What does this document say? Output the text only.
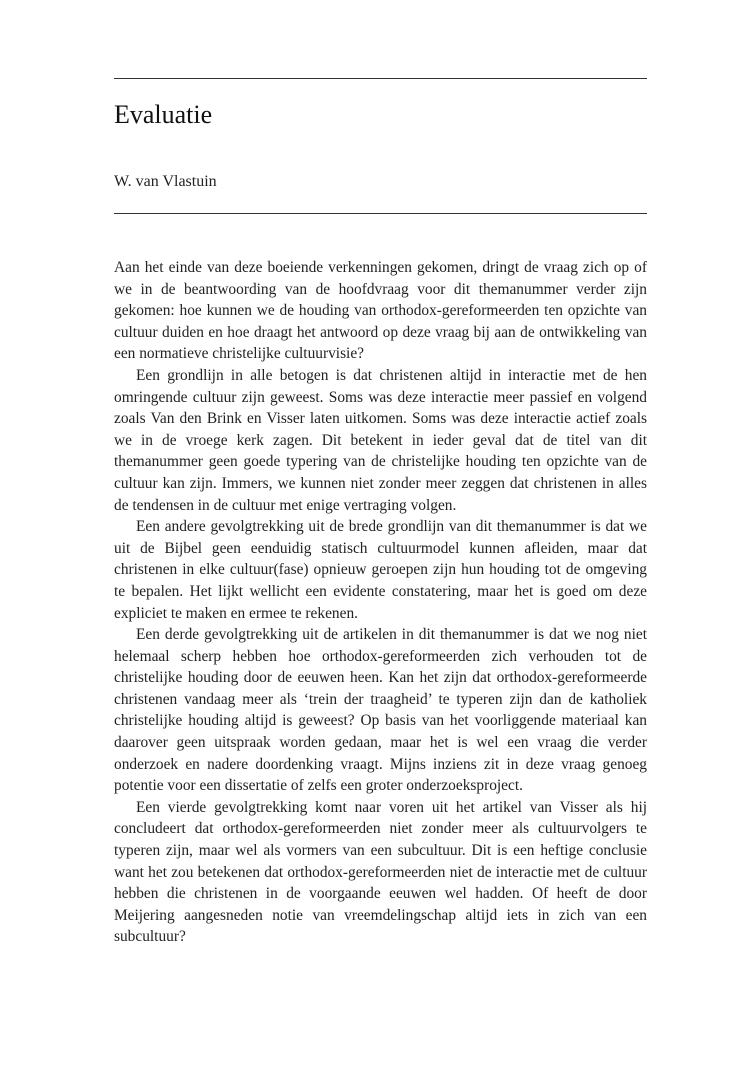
Evaluatie
W. van Vlastuin

Aan het einde van deze boeiende verkenningen gekomen, dringt de vraag zich op of we in de beantwoording van de hoofdvraag voor dit themanummer verder zijn gekomen: hoe kunnen we de houding van orthodox-gereformeerden ten opzichte van cultuur duiden en hoe draagt het antwoord op deze vraag bij aan de ontwikkeling van een normatieve christelijke cultuurvisie?

Een grondlijn in alle betogen is dat christenen altijd in interactie met de hen omringende cultuur zijn geweest. Soms was deze interactie meer passief en volgend zoals Van den Brink en Visser laten uitkomen. Soms was deze interactie actief zoals we in de vroege kerk zagen. Dit betekent in ieder geval dat de titel van dit themanummer geen goede typering van de christelijke houding ten opzichte van de cultuur kan zijn. Immers, we kunnen niet zonder meer zeggen dat christenen in alles de tendensen in de cultuur met enige vertraging volgen.

Een andere gevolgtrekking uit de brede grondlijn van dit themanummer is dat we uit de Bijbel geen eenduidig statisch cultuurmodel kunnen afleiden, maar dat christenen in elke cultuur(fase) opnieuw geroepen zijn hun houding tot de omgeving te bepalen. Het lijkt wellicht een evidente constatering, maar het is goed om deze expliciet te maken en ermee te rekenen.

Een derde gevolgtrekking uit de artikelen in dit themanummer is dat we nog niet helemaal scherp hebben hoe orthodox-gereformeerden zich verhouden tot de christelijke houding door de eeuwen heen. Kan het zijn dat orthodox-gereformeerde christenen vandaag meer als ‘trein der traagheid’ te typeren zijn dan de katholiek christelijke houding altijd is geweest? Op basis van het voorliggende materiaal kan daarover geen uitspraak worden gedaan, maar het is wel een vraag die verder onderzoek en nadere doordenking vraagt. Mijns inziens zit in deze vraag genoeg potentie voor een dissertatie of zelfs een groter onderzoeksproject.

Een vierde gevolgtrekking komt naar voren uit het artikel van Visser als hij concludeert dat orthodox-gereformeerden niet zonder meer als cultuurvolgers te typeren zijn, maar wel als vormers van een subcultuur. Dit is een heftige conclusie want het zou betekenen dat orthodox-gereformeerden niet de interactie met de cultuur hebben die christenen in de voorgaande eeuwen wel hadden. Of heeft de door Meijering aangesneden notie van vreemdelingschap altijd iets in zich van een subcultuur?
